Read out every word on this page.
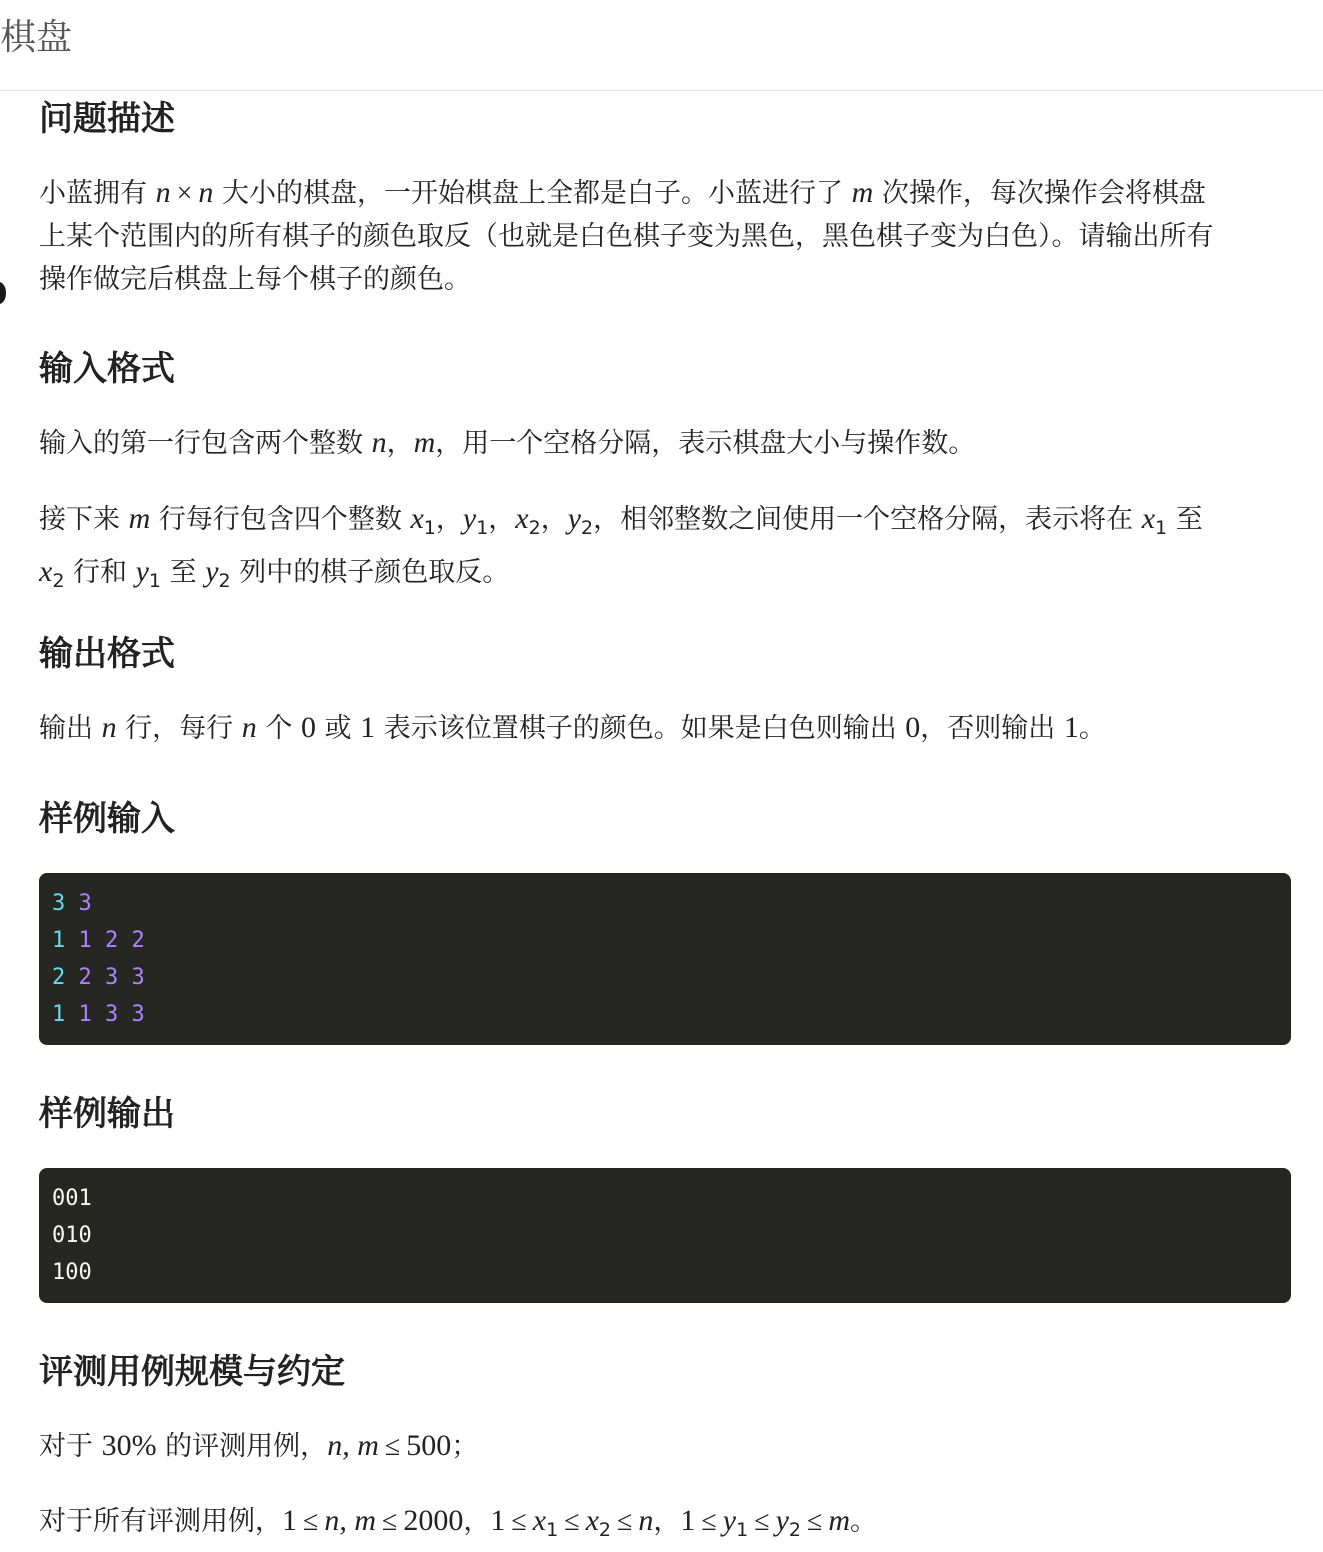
棋盘
问题描述
小蓝拥有 n × n 大小的棋盘，一开始棋盘上全都是白子。小蓝进行了 m 次操作，每次操作会将棋盘
上某个范围内的所有棋子的颜色取反（也就是白色棋子变为黑色，黑色棋子变为白色）。请输出所有
操作做完后棋盘上每个棋子的颜色。
输入格式
输入的第一行包含两个整数 n，m，用一个空格分隔，表示棋盘大小与操作数。
接下来 m 行每行包含四个整数 $x_1$，$y_1$，$x_2$，$y_2$，相邻整数之间使用一个空格分隔，表示将在 $x_1$ 至
$x_2$ 行和 $y_1$ 至 $y_2$ 列中的棋子颜色取反。
输出格式
输出 n 行，每行 n 个 0 或 1 表示该位置棋子的颜色。如果是白色则输出 0，否则输出 1。
样例输入
3 3
1 1 2 2
2 2 3 3
1 1 3 3
样例输出
001
010
100
评测用例规模与约定
对于 30% 的评测用例，n, m ≤ 500；
对于所有评测用例，1 ≤ n, m ≤ 2000，$1 \le x_1 \le x_2 \le n$，$1 \le y_1 \le y_2 \le m$。
